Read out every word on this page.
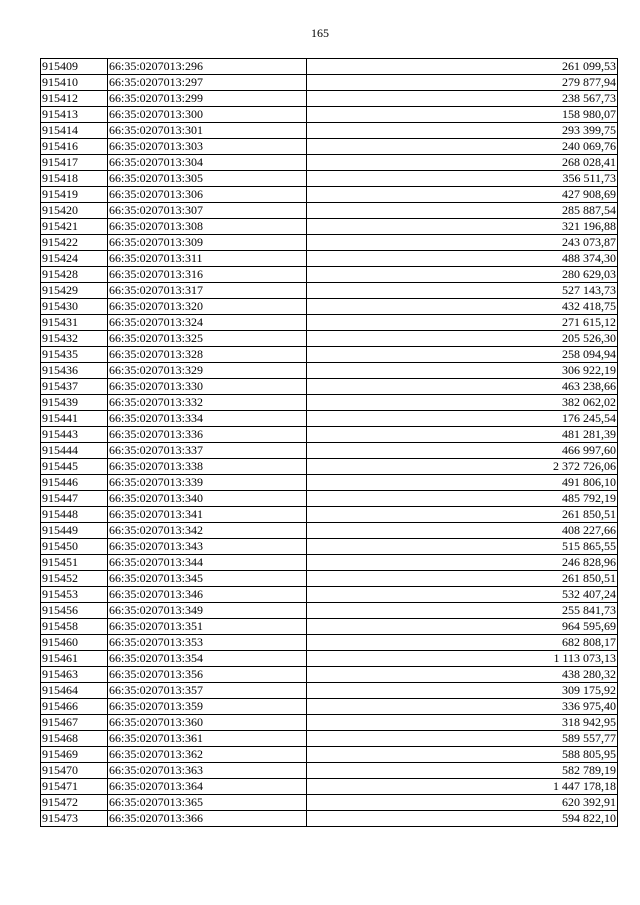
165
915409	66:35:0207013:296	261 099,53
915410	66:35:0207013:297	279 877,94
915412	66:35:0207013:299	238 567,73
915413	66:35:0207013:300	158 980,07
915414	66:35:0207013:301	293 399,75
915416	66:35:0207013:303	240 069,76
915417	66:35:0207013:304	268 028,41
915418	66:35:0207013:305	356 511,73
915419	66:35:0207013:306	427 908,69
915420	66:35:0207013:307	285 887,54
915421	66:35:0207013:308	321 196,88
915422	66:35:0207013:309	243 073,87
915424	66:35:0207013:311	488 374,30
915428	66:35:0207013:316	280 629,03
915429	66:35:0207013:317	527 143,73
915430	66:35:0207013:320	432 418,75
915431	66:35:0207013:324	271 615,12
915432	66:35:0207013:325	205 526,30
915435	66:35:0207013:328	258 094,94
915436	66:35:0207013:329	306 922,19
915437	66:35:0207013:330	463 238,66
915439	66:35:0207013:332	382 062,02
915441	66:35:0207013:334	176 245,54
915443	66:35:0207013:336	481 281,39
915444	66:35:0207013:337	466 997,60
915445	66:35:0207013:338	2 372 726,06
915446	66:35:0207013:339	491 806,10
915447	66:35:0207013:340	485 792,19
915448	66:35:0207013:341	261 850,51
915449	66:35:0207013:342	408 227,66
915450	66:35:0207013:343	515 865,55
915451	66:35:0207013:344	246 828,96
915452	66:35:0207013:345	261 850,51
915453	66:35:0207013:346	532 407,24
915456	66:35:0207013:349	255 841,73
915458	66:35:0207013:351	964 595,69
915460	66:35:0207013:353	682 808,17
915461	66:35:0207013:354	1 113 073,13
915463	66:35:0207013:356	438 280,32
915464	66:35:0207013:357	309 175,92
915466	66:35:0207013:359	336 975,40
915467	66:35:0207013:360	318 942,95
915468	66:35:0207013:361	589 557,77
915469	66:35:0207013:362	588 805,95
915470	66:35:0207013:363	582 789,19
915471	66:35:0207013:364	1 447 178,18
915472	66:35:0207013:365	620 392,91
915473	66:35:0207013:366	594 822,10
